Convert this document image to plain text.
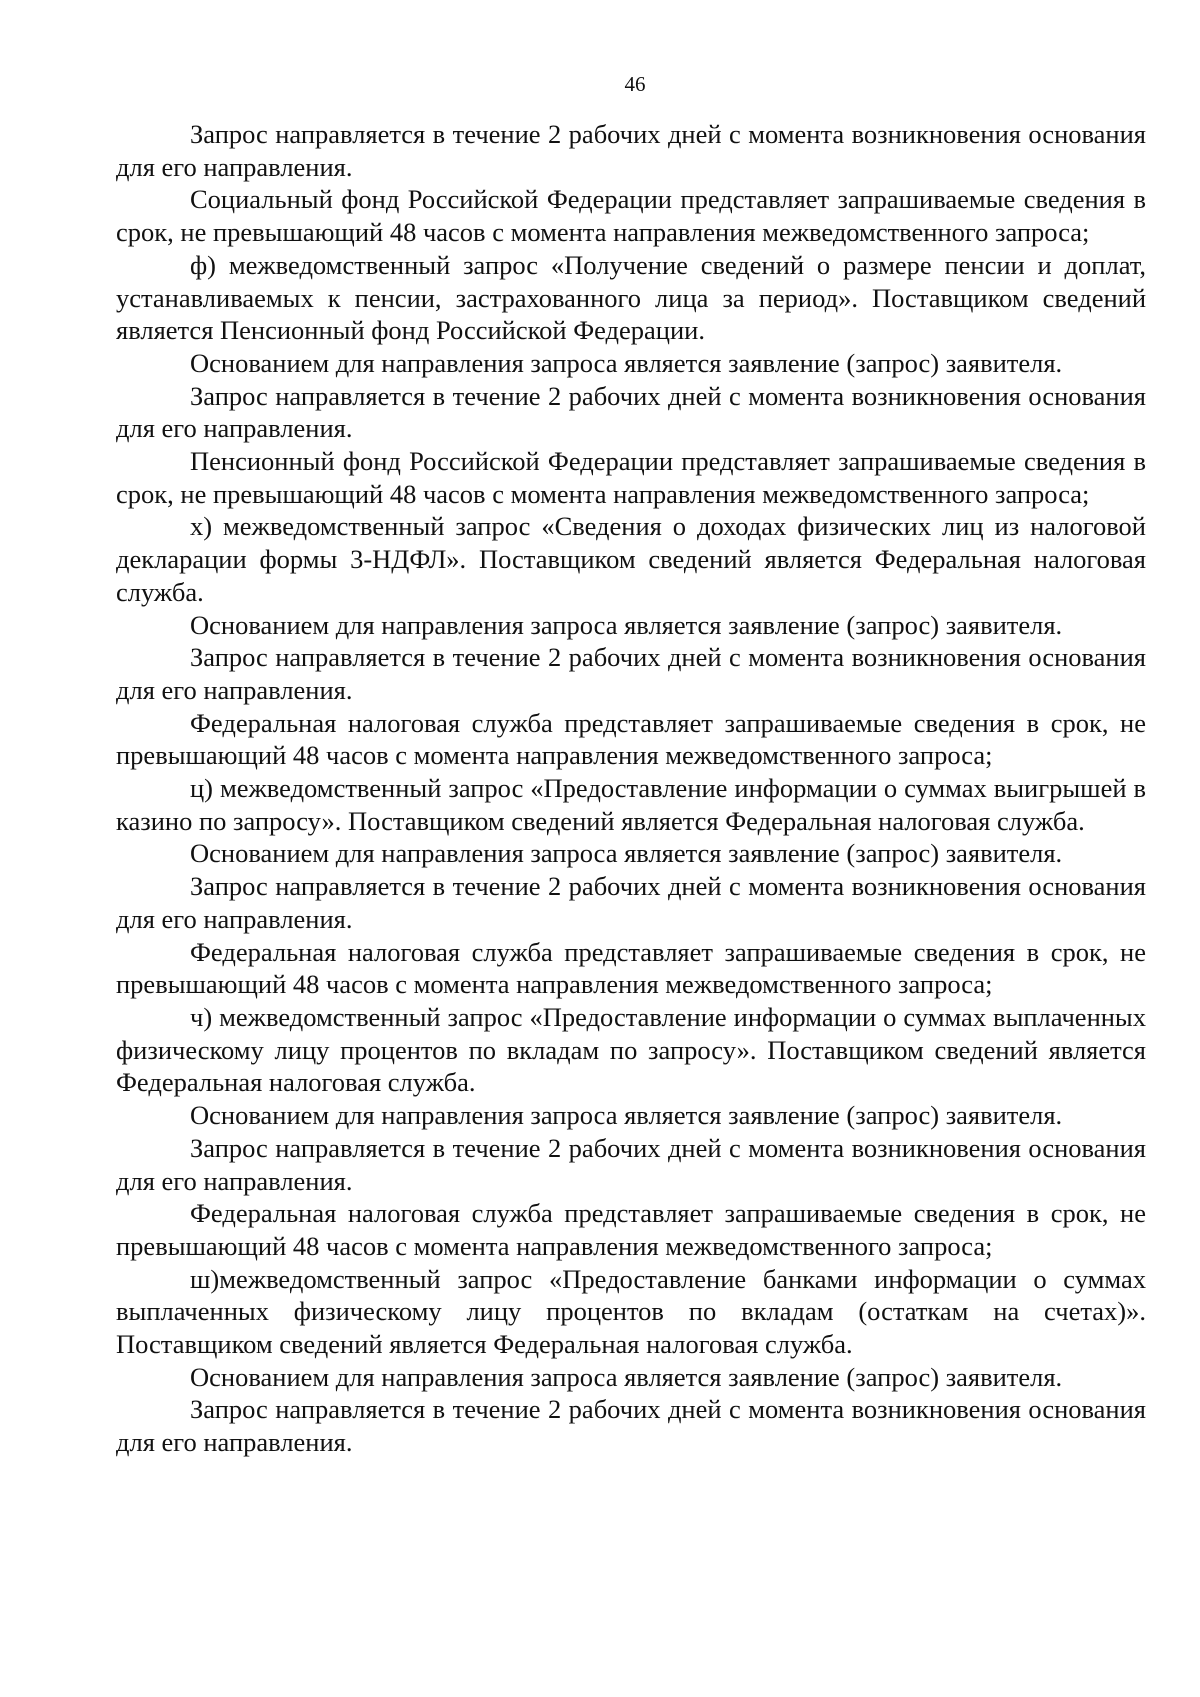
46

Запрос направляется в течение 2 рабочих дней с момента возникновения основания для его направления.

Социальный фонд Российской Федерации представляет запрашиваемые сведения в срок, не превышающий 48 часов с момента направления межведомственного запроса;

ф) межведомственный запрос «Получение сведений о размере пенсии и доплат, устанавливаемых к пенсии, застрахованного лица за период». Поставщиком сведений является Пенсионный фонд Российской Федерации.

Основанием для направления запроса является заявление (запрос) заявителя.

Запрос направляется в течение 2 рабочих дней с момента возникновения основания для его направления.

Пенсионный фонд Российской Федерации представляет запрашиваемые сведения в срок, не превышающий 48 часов с момента направления межведомственного запроса;

х) межведомственный запрос «Сведения о доходах физических лиц из налоговой декларации формы 3-НДФЛ». Поставщиком сведений является Федеральная налоговая служба.

Основанием для направления запроса является заявление (запрос) заявителя.

Запрос направляется в течение 2 рабочих дней с момента возникновения основания для его направления.

Федеральная налоговая служба представляет запрашиваемые сведения в срок, не превышающий 48 часов с момента направления межведомственного запроса;

ц) межведомственный запрос «Предоставление информации о суммах выигрышей в казино по запросу». Поставщиком сведений является Федеральная налоговая служба.

Основанием для направления запроса является заявление (запрос) заявителя.

Запрос направляется в течение 2 рабочих дней с момента возникновения основания для его направления.

Федеральная налоговая служба представляет запрашиваемые сведения в срок, не превышающий 48 часов с момента направления межведомственного запроса;

ч) межведомственный запрос «Предоставление информации о суммах выплаченных физическому лицу процентов по вкладам по запросу». Поставщиком сведений является Федеральная налоговая служба.

Основанием для направления запроса является заявление (запрос) заявителя.

Запрос направляется в течение 2 рабочих дней с момента возникновения основания для его направления.

Федеральная налоговая служба представляет запрашиваемые сведения в срок, не превышающий 48 часов с момента направления межведомственного запроса;

ш)межведомственный запрос «Предоставление банками информации о суммах выплаченных физическому лицу процентов по вкладам (остаткам на счетах)». Поставщиком сведений является Федеральная налоговая служба.

Основанием для направления запроса является заявление (запрос) заявителя.

Запрос направляется в течение 2 рабочих дней с момента возникновения основания для его направления.
